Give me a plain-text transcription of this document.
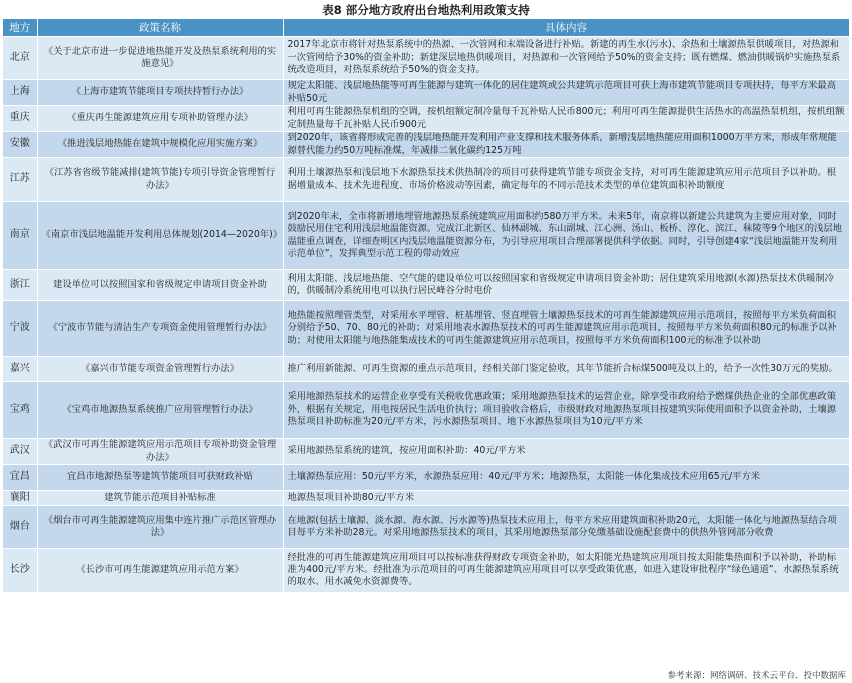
表8 部分地方政府出台地热利用政策支持
地方	政策名称	具体内容
北京	《关于北京市进一步促进地热能开发及热泵系统利用的实施意见》	2017年北京市将针对热泵系统中的热源、一次管网和末端设备进行补贴。新建的再生水(污水)、余热和土壤源热泵供暖项目，对热源和一次管网给予30%的资金补助；新建深层地热供暖项目，对热源和一次管网给予50%的资金支持；既有燃煤、燃油供暖锅炉实施热泵系统改造项目，对热泵系统给予50%的资金支持。
上海	《上海市建筑节能项目专项扶持暂行办法》	规定太阳能、浅层地热能等可再生能源与建筑一体化的居住建筑或公共建筑示范项目可获上海市建筑节能项目专项扶持，每平方米最高补贴50元
重庆	《重庆再生能源建筑应用专项补助管理办法》	利用可再生能源热泵机组的空调，按机组额定制冷量每千瓦补贴人民币800元；利用可再生能源提供生活热水的高温热泵机组，按机组额定制热量每千瓦补贴人民币900元
安徽	《推进浅层地热能在建筑中规模化应用实施方案》	到2020年，该省将形成完善的浅层地热能开发利用产业支撑和技术服务体系，新增浅层地热能应用面积1000万平方米，形成年常规能源替代能力约50万吨标准煤，年减排二氧化碳约125万吨
江苏	《江苏省省级节能减排(建筑节能)专项引导资金管理暂行办法》	利用土壤源热泵和浅层地下水源热泵技术供热制冷的项目可获得建筑节能专项资金支持，对可再生能源建筑应用示范项目予以补助。根据增量成本、技术先进程度、市场价格波动等因素，确定每年的不同示范技术类型的单位建筑面积补助额度
南京	《南京市浅层地温能开发利用总体规划(2014—2020年)》	到2020年末，全市将新增地埋管地源热泵系统建筑应用面积约580万平方米。未来5年，南京将以新建公共建筑为主要应用对象，同时鼓励民用住宅利用浅层地温能资源。完成江北新区、仙林副城、东山副城、江心洲、汤山、板桥、淳化、滨江、秣陵等9个地区的浅层地温能重点调查，详细查明区内浅层地温能资源分布，为引导应用项目合理部署提供科学依据。同时，引导创建4家“浅层地温能开发利用示范单位”，发挥典型示范工程的带动效应
浙江	建设单位可以按照国家和省级规定申请项目资金补助	利用太阳能、浅层地热能、空气能的建设单位可以按照国家和省级规定申请项目资金补助；居住建筑采用地源(水源)热泵技术供暖制冷的，供暖制冷系统用电可以执行居民峰谷分时电价
宁波	《宁波市节能与清洁生产专项资金使用管理暂行办法》	地热能按照理管类型，对采用水平埋管、桩基埋管、竖直埋管土壤源热泵技术的可再生能源建筑应用示范项目，按照每平方米负荷面积分别给予50、70、80元的补助；对采用地表水源热泵技术的可再生能源建筑应用示范项目，按照每平方米负荷面积80元的标准予以补助；对使用太阳能与地热能集成技术的可再生能源建筑应用示范项目，按照每平方米负荷面积100元的标准予以补助
嘉兴	《嘉兴市节能专项资金管理暂行办法》	推广利用新能源、可再生资源的重点示范项目，经相关部门鉴定验收，其年节能折合标煤500吨及以上的，给予一次性30万元的奖励。
宝鸡	《宝鸡市地源热泵系统推广应用管理暂行办法》	采用地源热泵技术的运营企业享受有关税收优惠政策；采用地源热泵技术的运营企业，除享受市政府给予燃煤供热企业的全部优惠政策外，根据有关规定，用电按居民生活电价执行；项目验收合格后，市级财政对地源热泵项目按建筑实际使用面积予以资金补助，土壤源热泵项目补助标准为20元/平方米，污水源热泵项目、地下水源热泵项目为10元/平方米
武汉	《武汉市可再生能源建筑应用示范项目专项补助资金管理办法》	采用地源热泵系统的建筑，按应用面积补助：40元/平方米
宜昌	宜昌市地源热泵等建筑节能项目可获财政补贴	土壤源热泵应用：50元/平方米，水源热泵应用：40元/平方米；地源热泵，太阳能一体化集成技术应用65元/平方米
襄阳	建筑节能示范项目补贴标准	地源热泵项目补助80元/平方米
烟台	《烟台市可再生能源建筑应用集中连片推广示范区管理办法》	在地源(包括土壤源、淡水源、海水源、污水源等)热泵技术应用上，每平方米应用建筑面积补助20元，太阳能一体化与地源热泵结合项目每平方米补助28元。对采用地源热泵技术的项目，其采用地源热泵部分免缴基础设施配套费中的供热外管网部分收费
长沙	《长沙市可再生能源建筑应用示范方案》	经批准的可再生能源建筑应用项目可以按标准获得财政专项资金补助，如太阳能光热建筑应用项目按太阳能集热面积予以补助，补助标准为400元/平方米。经批准为示范项目的可再生能源建筑应用项目可以享受政策优惠，如进入建设审批程序“绿色通道”、水源热泵系统的取水、用水减免水资源费等。
参考来源：网络调研、技术云平台、投中数据库
